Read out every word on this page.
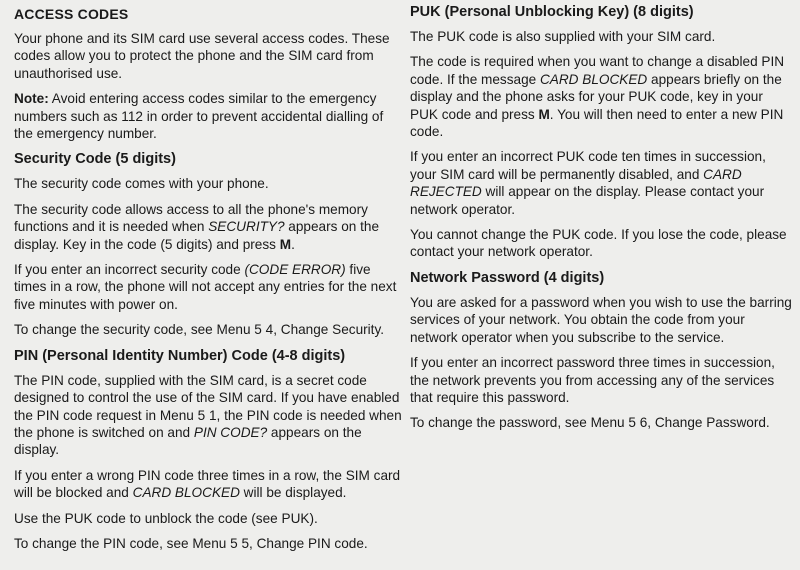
ACCESS CODES

Your phone and its SIM card use several access codes. These codes allow you to protect the phone and the SIM card from unauthorised use.

Note: Avoid entering access codes similar to the emergency numbers such as 112 in order to prevent accidental dialling of the emergency number.

Security Code (5 digits)

The security code comes with your phone.

The security code allows access to all the phone's memory functions and it is needed when SECURITY? appears on the display. Key in the code (5 digits) and press M.

If you enter an incorrect security code (CODE ERROR) five times in a row, the phone will not accept any entries for the next five minutes with power on.

To change the security code, see Menu 5 4, Change Security.

PIN (Personal Identity Number) Code (4-8 digits)

The PIN code, supplied with the SIM card, is a secret code designed to control the use of the SIM card. If you have enabled the PIN code request in Menu 5 1, the PIN code is needed when the phone is switched on and PIN CODE? appears on the display.

If you enter a wrong PIN code three times in a row, the SIM card will be blocked and CARD BLOCKED will be displayed.

Use the PUK code to unblock the code (see PUK).

To change the PIN code, see Menu 5 5, Change PIN code.

PUK (Personal Unblocking Key) (8 digits)

The PUK code is also supplied with your SIM card.

The code is required when you want to change a disabled PIN code. If the message CARD BLOCKED appears briefly on the display and the phone asks for your PUK code, key in your PUK code and press M. You will then need to enter a new PIN code.

If you enter an incorrect PUK code ten times in succession, your SIM card will be permanently disabled, and CARD REJECTED will appear on the display. Please contact your network operator.

You cannot change the PUK code. If you lose the code, please contact your network operator.

Network Password (4 digits)

You are asked for a password when you wish to use the barring services of your network. You obtain the code from your network operator when you subscribe to the service.

If you enter an incorrect password three times in succession, the network prevents you from accessing any of the services that require this password.

To change the password, see Menu 5 6, Change Password.
